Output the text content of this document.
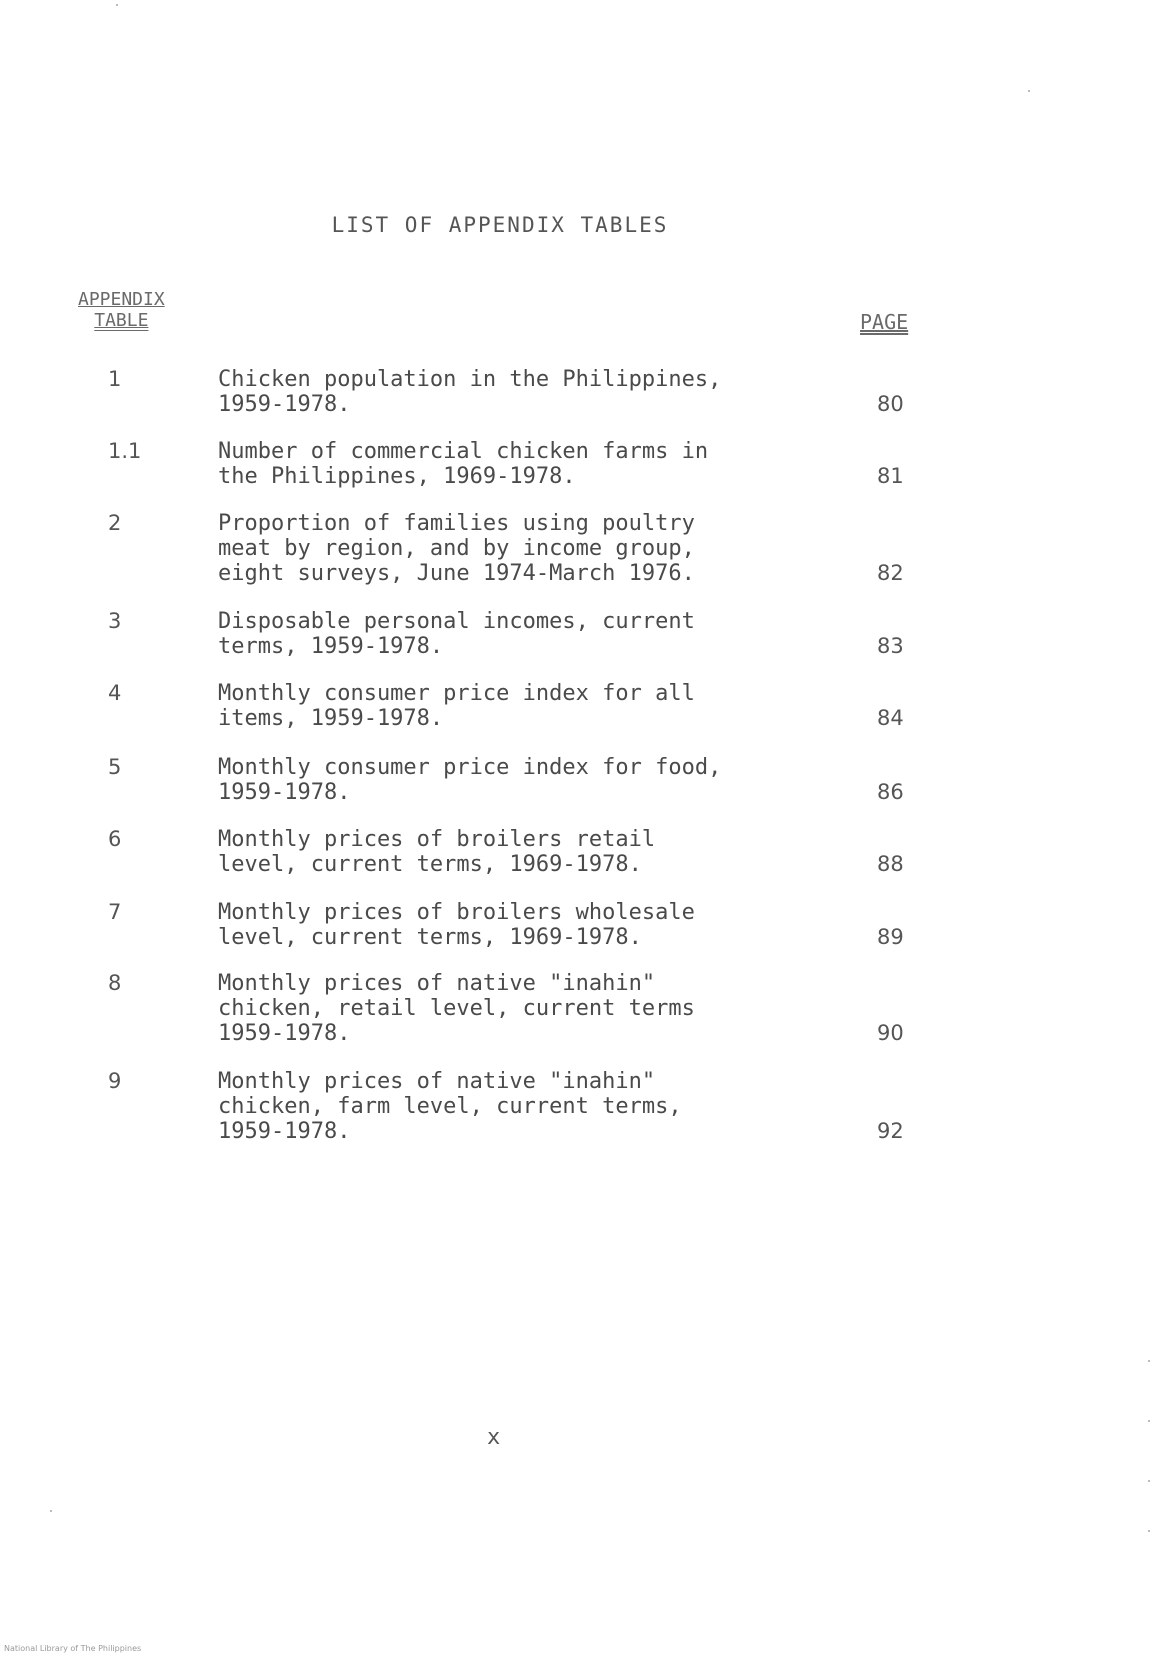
LIST OF APPENDIX TABLES
APPENDIX
TABLE	PAGE
1	Chicken population in the Philippines,
1959-1978.	80
1.1	Number of commercial chicken farms in
the Philippines, 1969-1978.	81
2	Proportion of families using poultry
meat by region, and by income group,
eight surveys, June 1974-March 1976.	82
3	Disposable personal incomes, current
terms, 1959-1978.	83
4	Monthly consumer price index for all
items, 1959-1978.	84
5	Monthly consumer price index for food,
1959-1978.	86
6	Monthly prices of broilers retail
level, current terms, 1969-1978.	88
7	Monthly prices of broilers wholesale
level, current terms, 1969-1978.	89
8	Monthly prices of native "inahin"
chicken, retail level, current terms
1959-1978.	90
9	Monthly prices of native "inahin"
chicken, farm level, current terms,
1959-1978.	92
x
National Library of The Philippines
